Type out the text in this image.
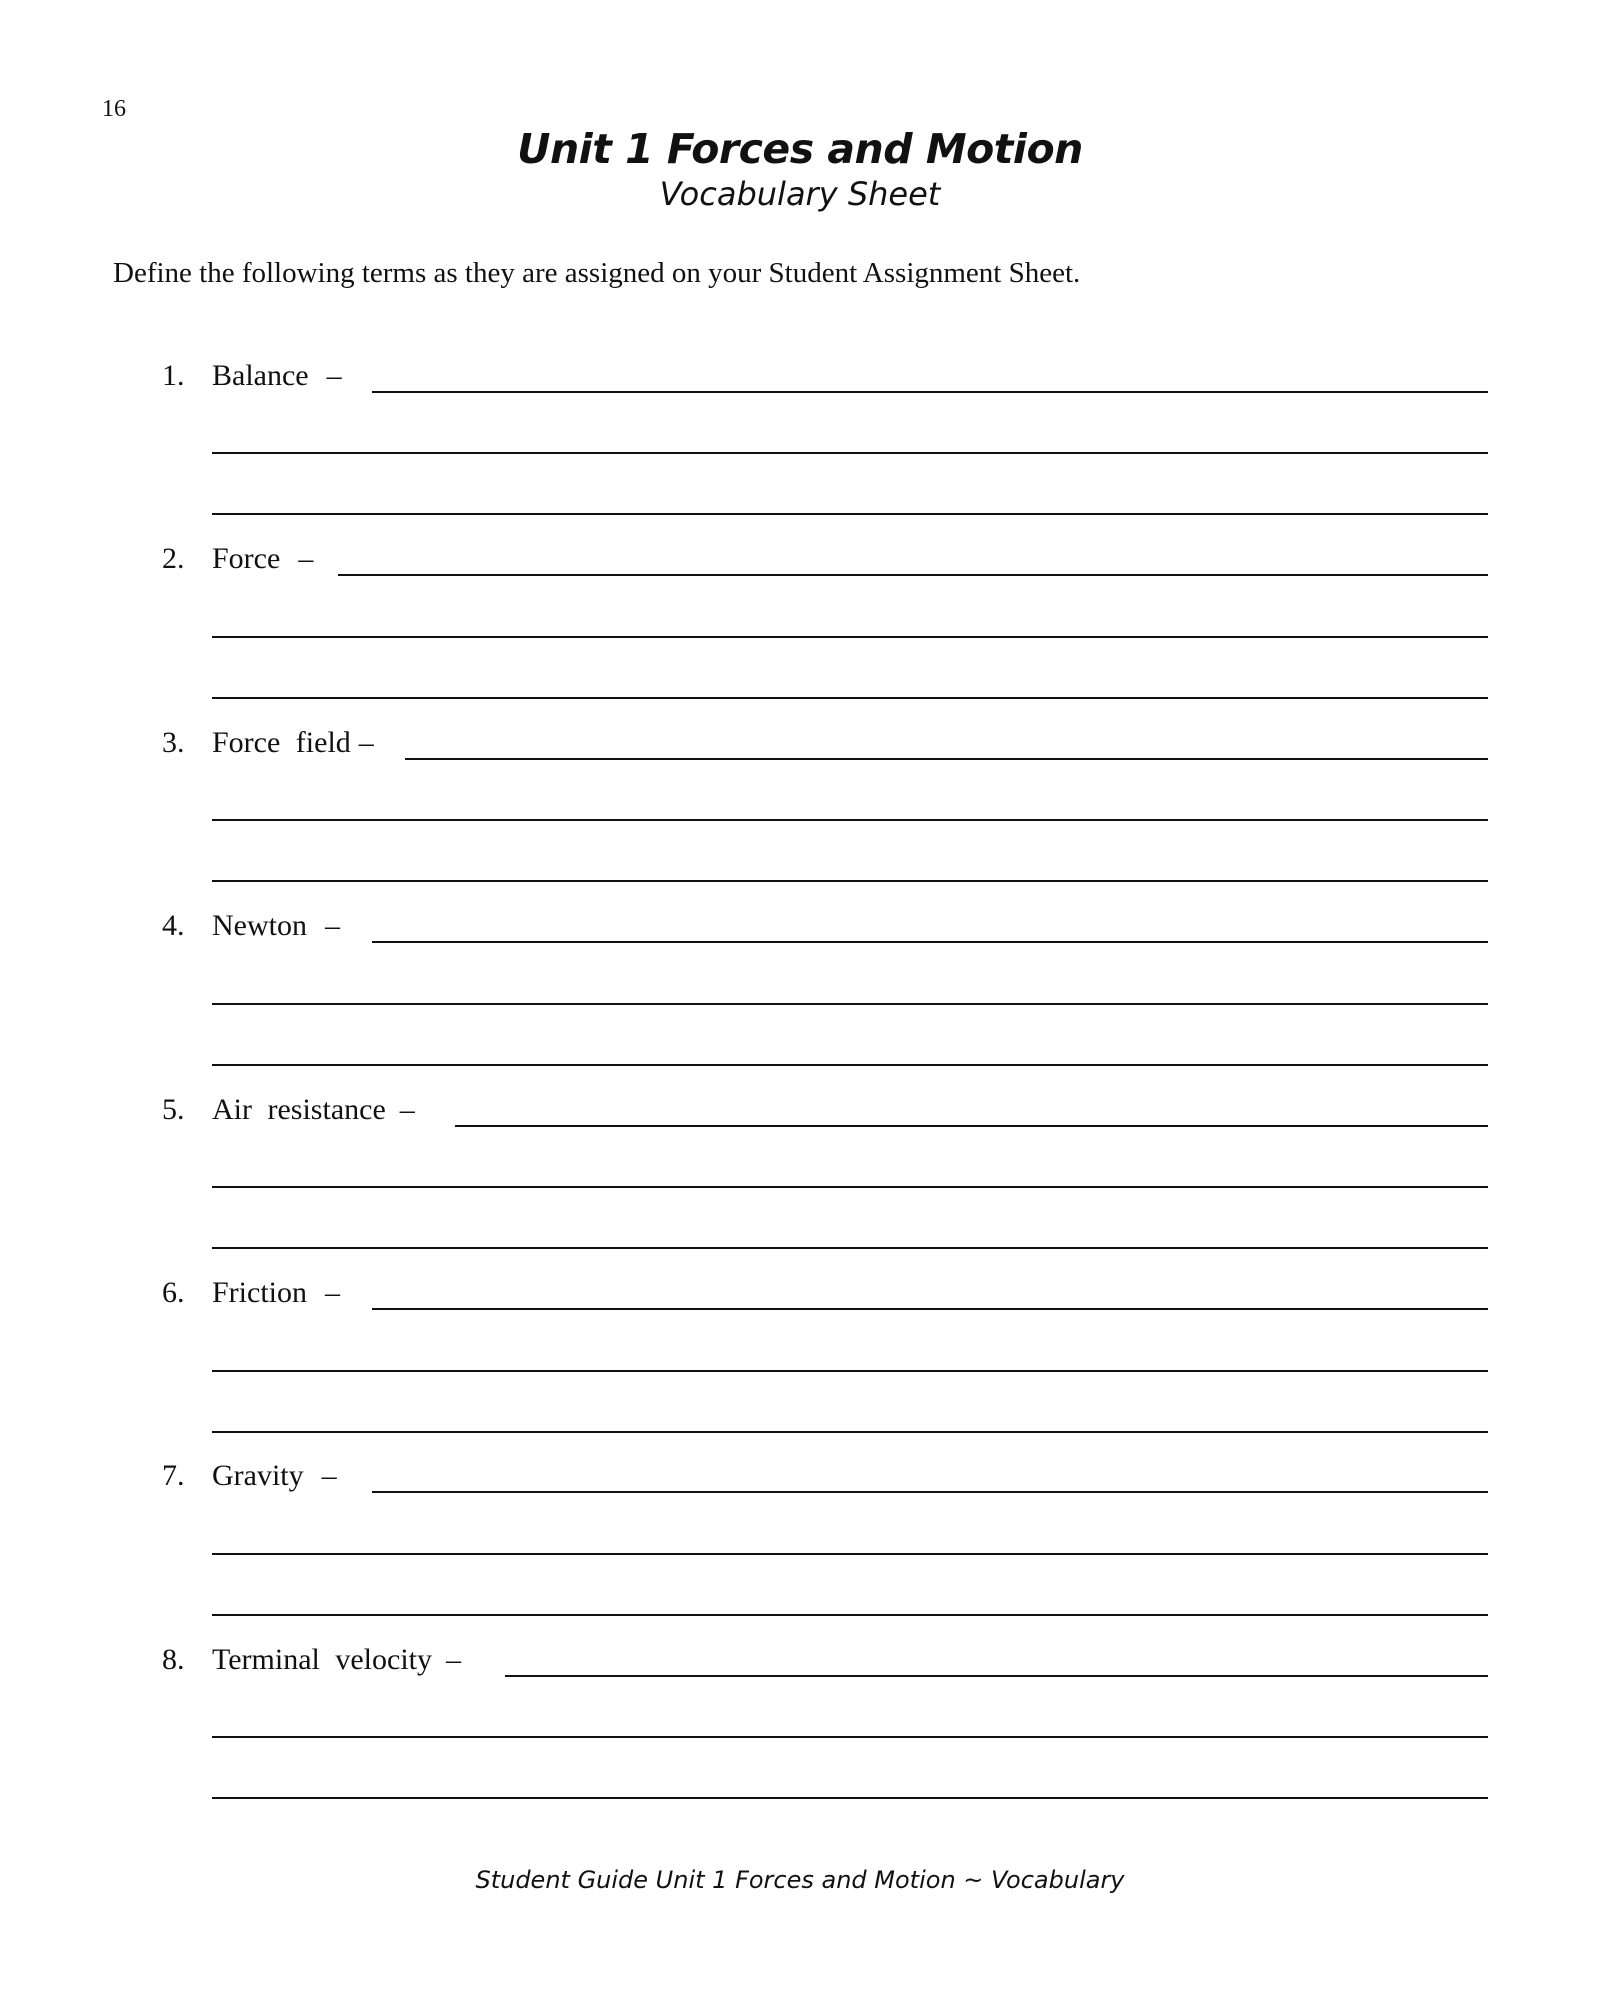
16
Unit 1 Forces and Motion
Vocabulary Sheet
Define the following terms as they are assigned on your Student Assignment Sheet.
1. Balance –
2. Force –
3. Force field –
4. Newton –
5. Air resistance –
6. Friction –
7. Gravity –
8. Terminal velocity –
Student Guide Unit 1 Forces and Motion ~ Vocabulary
